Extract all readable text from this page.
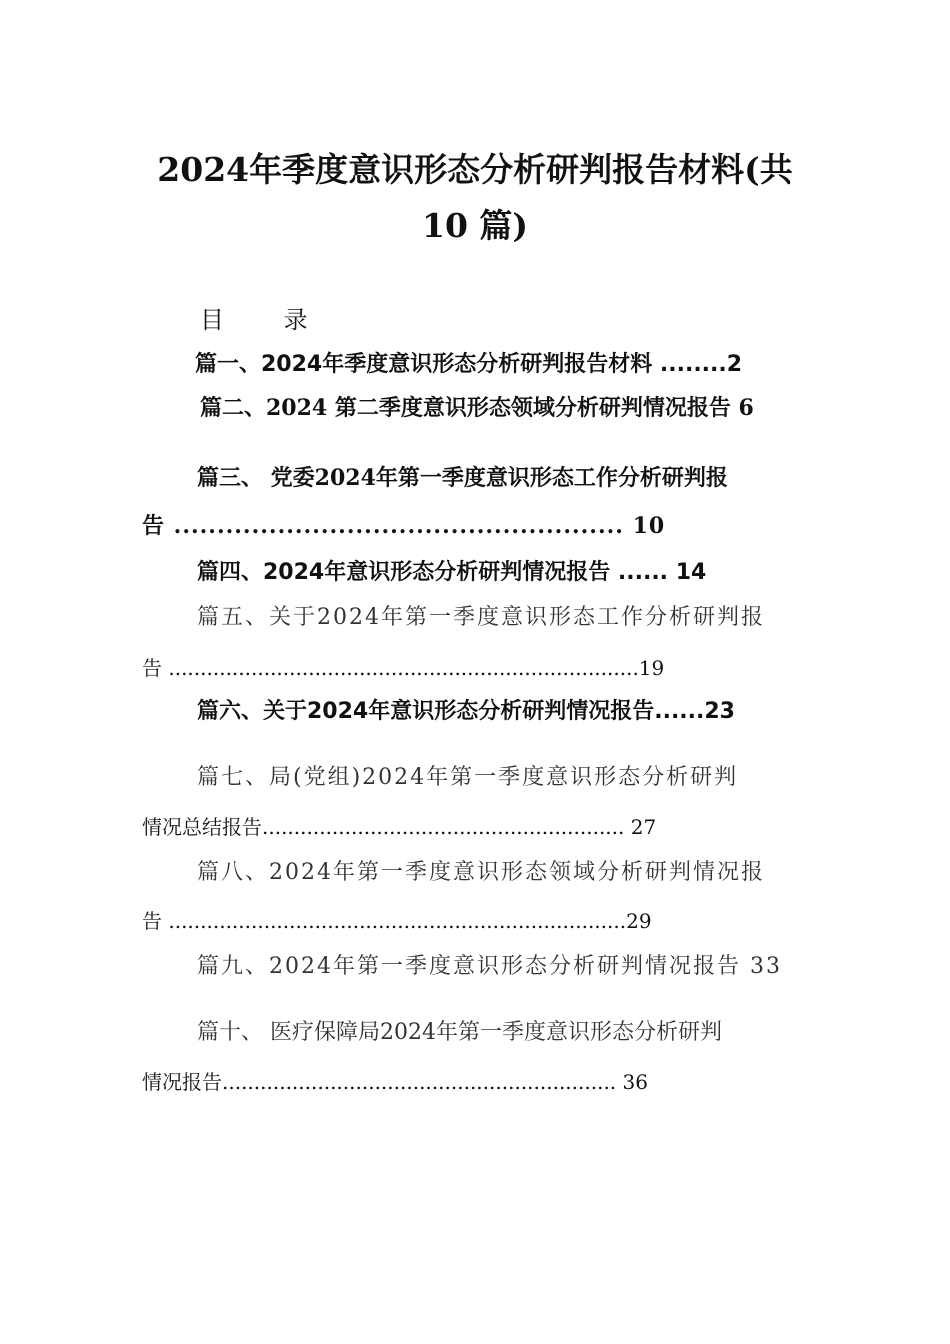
2024年季度意识形态分析研判报告材料(共
10 篇)

目 录

篇一、2024年季度意识形态分析研判报告材料 ........2

篇二、2024 第二季度意识形态领域分析研判情况报告 6

篇三、 党委2024年第一季度意识形态工作分析研判报

告 .................................................... 10

篇四、2024年意识形态分析研判情况报告 ...... 14

篇五、关于2024年第一季度意识形态工作分析研判报

告 ..........................................................................19

篇六、关于2024年意识形态分析研判情况报告......23

篇七、局(党组)2024年第一季度意识形态分析研判

情况总结报告......................................................... 27

篇八、2024年第一季度意识形态领域分析研判情况报

告 ........................................................................29

篇九、2024年第一季度意识形态分析研判情况报告 33

篇十、 医疗保障局2024年第一季度意识形态分析研判

情况报告.............................................................. 36
